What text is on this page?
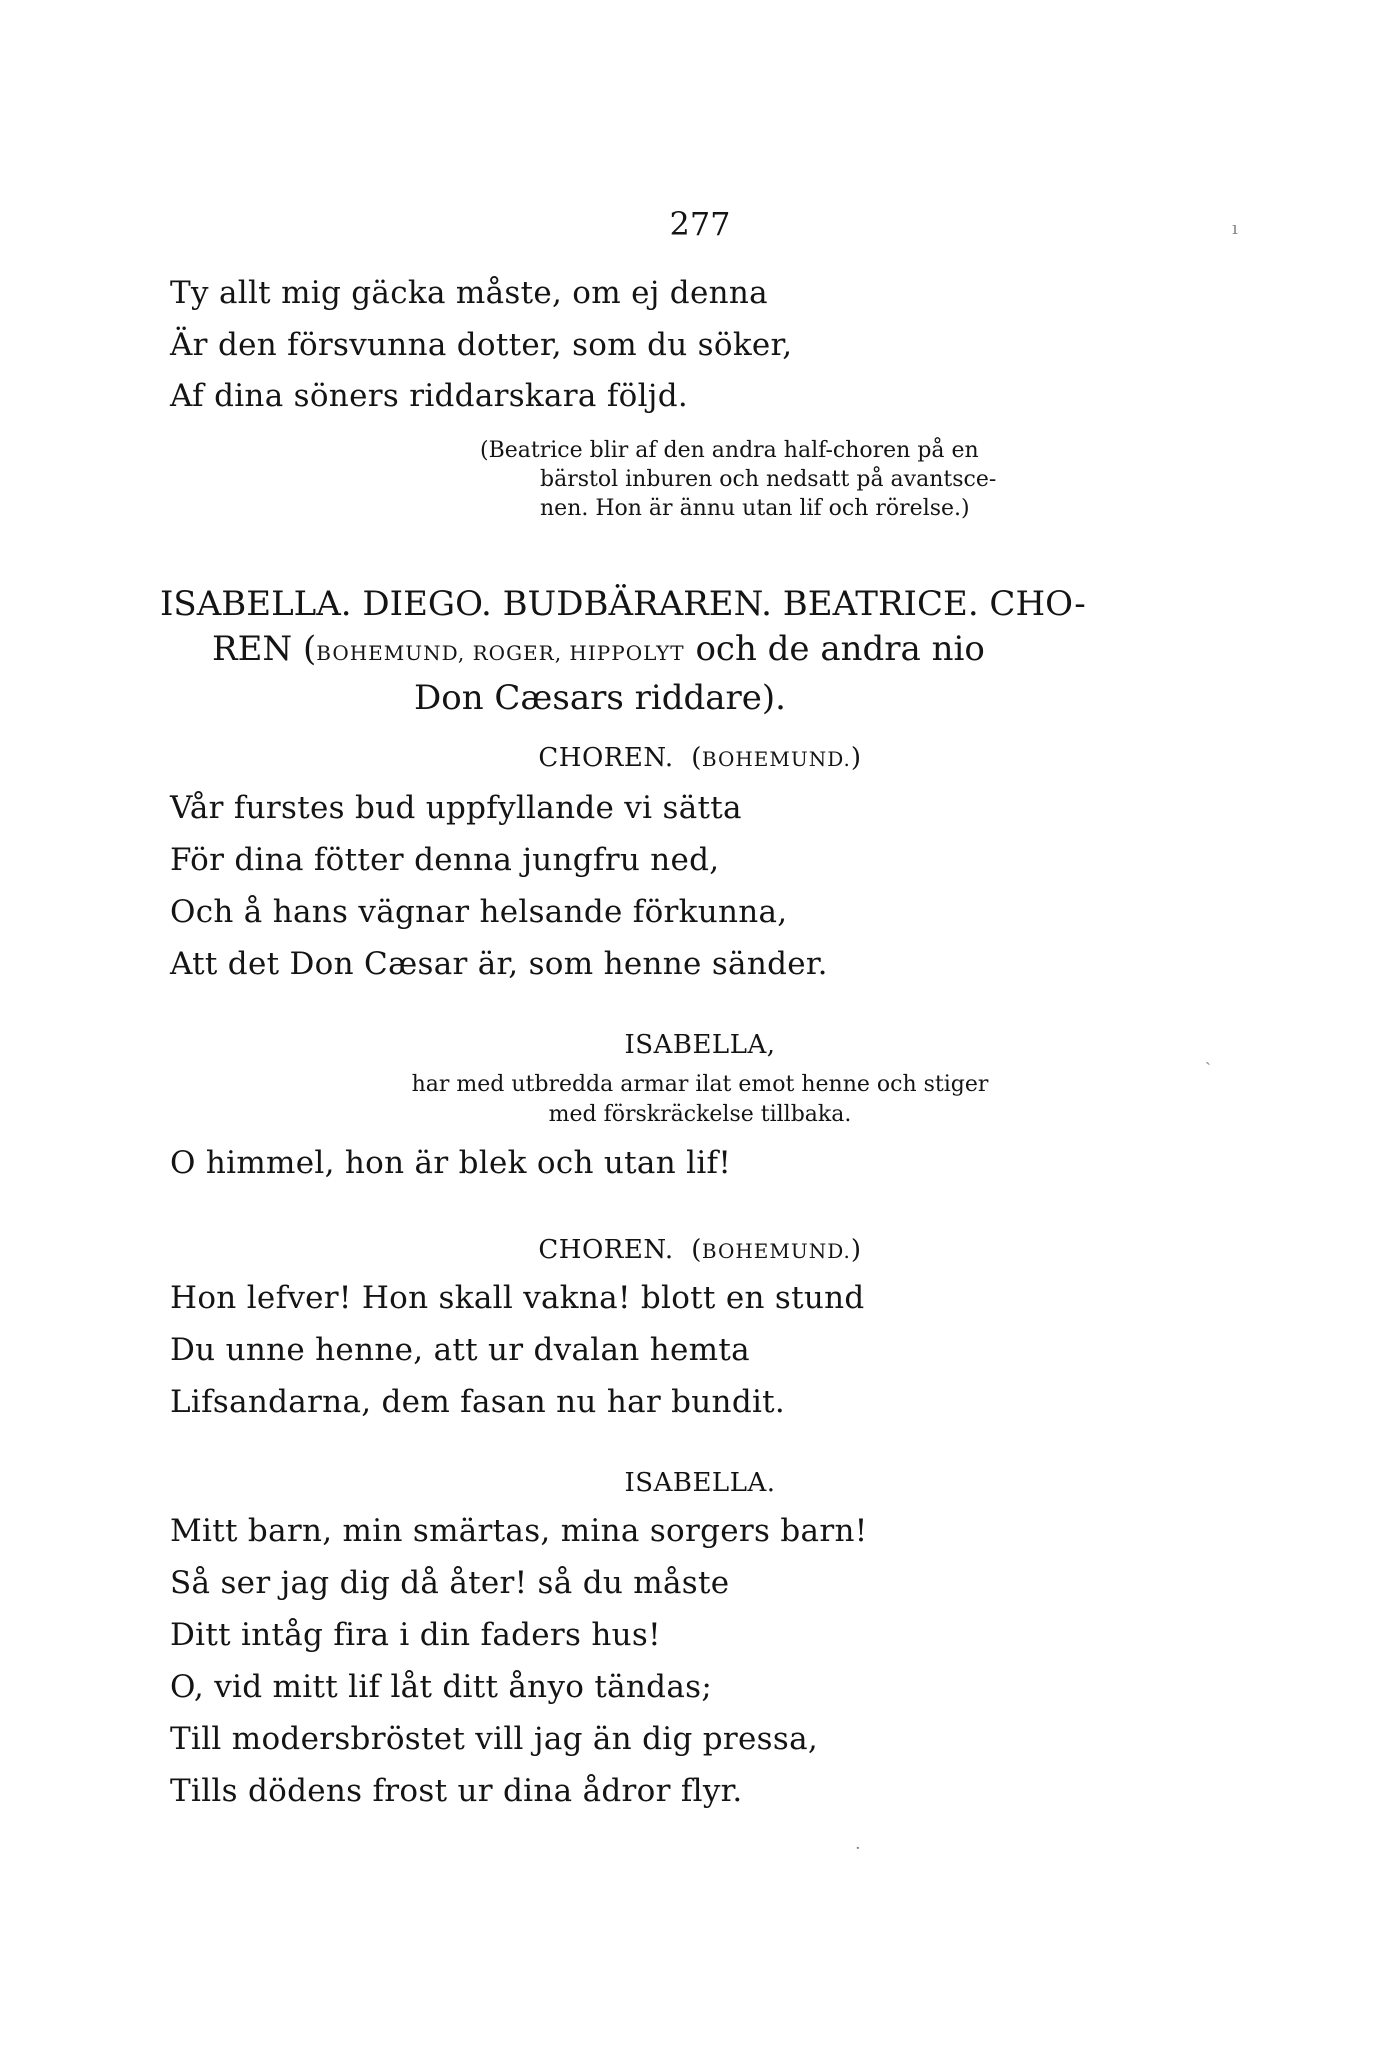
277	ı
Ty allt mig gäcka måste, om ej denna
Är den försvunna dotter, som du söker,
Af dina söners riddarskara följd.
(Beatrice blir af den andra half-choren på en
bärstol inburen och nedsatt på avantsce-
nen. Hon är ännu utan lif och rörelse.)
ISABELLA. DIEGO. BUDBÄRAREN. BEATRICE. CHO-
REN (BOHEMUND, ROGER, HIPPOLYT och de andra nio
Don Cæsars riddare).
CHOREN. (BOHEMUND.)
Vår furstes bud uppfyllande vi sätta
För dina fötter denna jungfru ned,
Och å hans vägnar helsande förkunna,
Att det Don Cæsar är, som henne sänder.
ISABELLA,	ˏ
har med utbredda armar ilat emot henne och stiger
med förskräckelse tillbaka.
O himmel, hon är blek och utan lif!
CHOREN. (BOHEMUND.)
Hon lefver! Hon skall vakna! blott en stund
Du unne henne, att ur dvalan hemta
Lifsandarna, dem fasan nu har bundit.
ISABELLA.
Mitt barn, min smärtas, mina sorgers barn!
Så ser jag dig då åter! så du måste
Ditt intåg fira i din faders hus!
O, vid mitt lif låt ditt ånyo tändas;
Till modersbröstet vill jag än dig pressa,
Tills dödens frost ur dina ådror flyr.
·
